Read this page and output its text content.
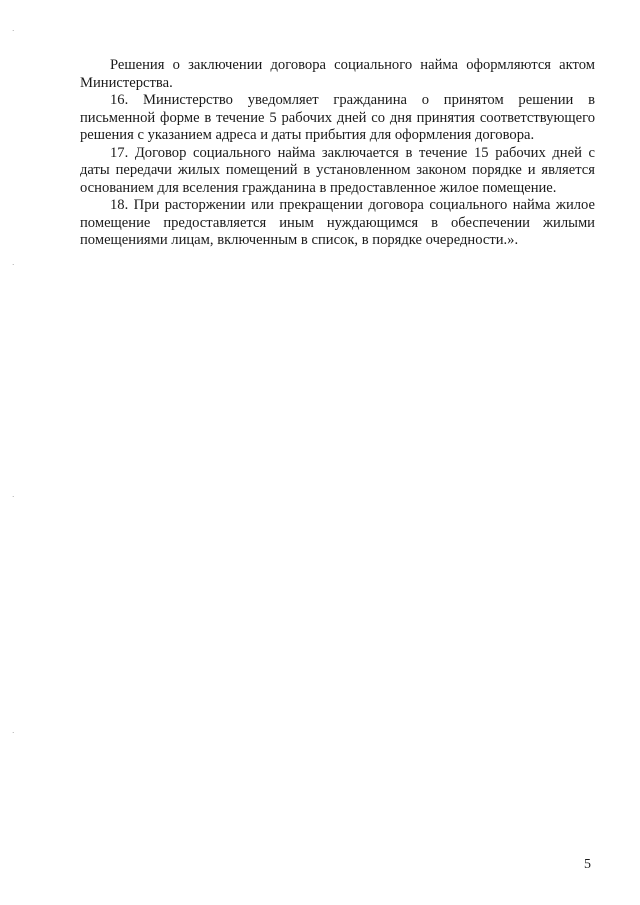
Решения о заключении договора социального найма оформляются актом Министерства.

16. Министерство уведомляет гражданина о принятом решении в письменной форме в течение 5 рабочих дней со дня принятия соответствующего решения с указанием адреса и даты прибытия для оформления договора.

17. Договор социального найма заключается в течение 15 рабочих дней с даты передачи жилых помещений в установленном законом порядке и является основанием для вселения гражданина в предоставленное жилое помещение.

18. При расторжении или прекращении договора социального найма жилое помещение предоставляется иным нуждающимся в обеспечении жилыми помещениями лицам, включенным в список, в порядке очередности.».

5
·
·
·
·
